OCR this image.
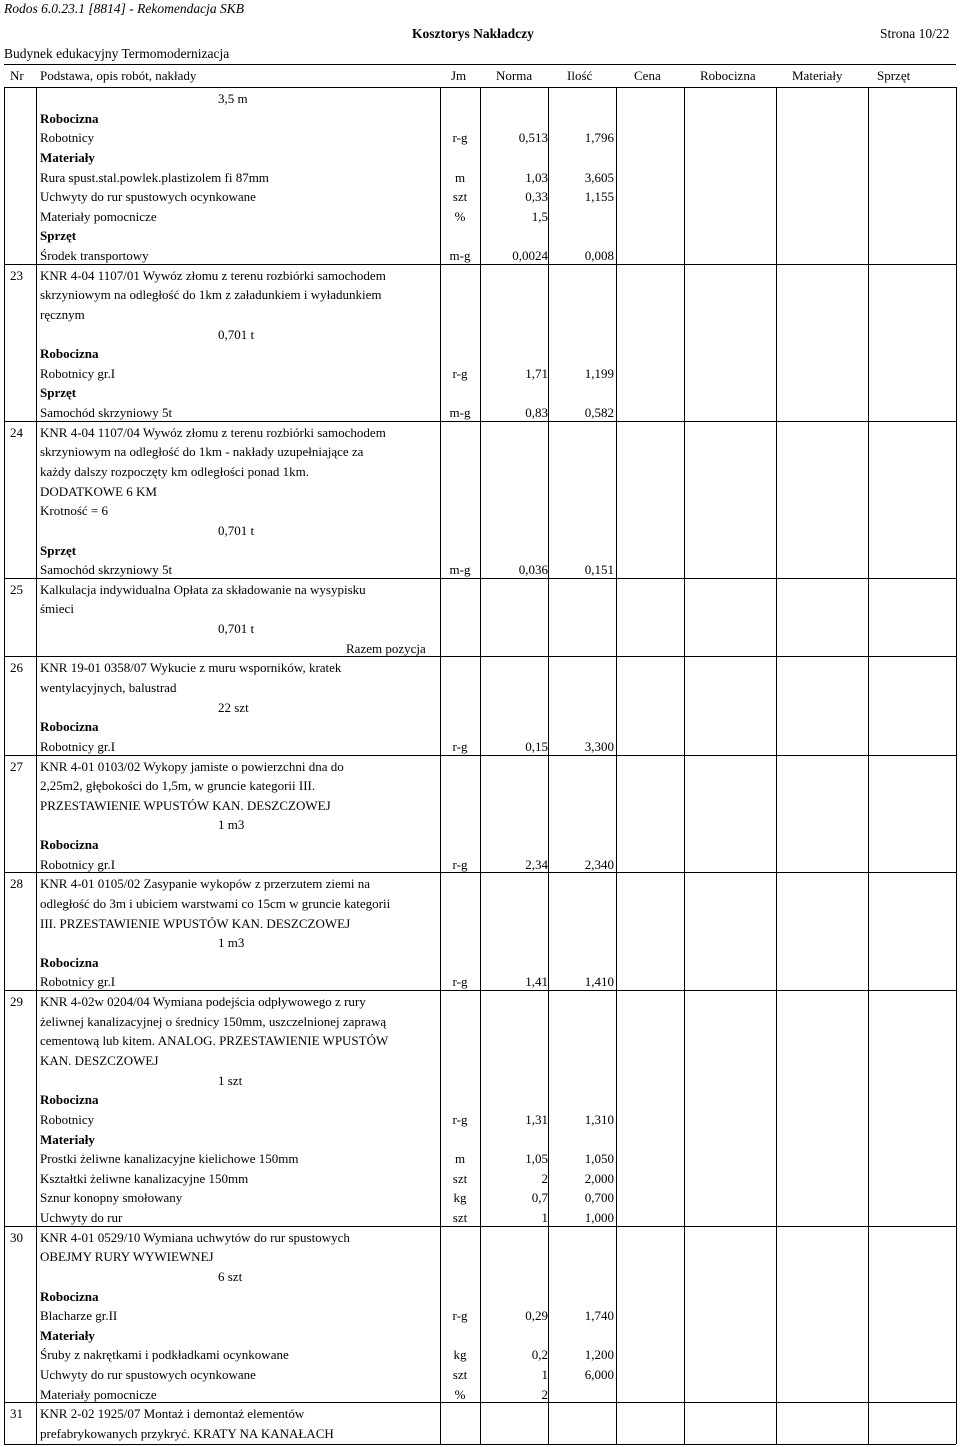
Rodos 6.0.23.1 [8814] - Rekomendacja SKB
Kosztorys Nakładczy	Strona 10/22
Budynek edukacyjny Termomodernizacja
Nr Podstawa, opis robót, nakłady	Jm Norma	Ilość	Cena	Robocizna	Materiały	Sprzęt
3,5 m
Robocizna
Robotnicy	r-g	0,513	1,796
Materiały
Rura spust.stal.powlek.plastizolem fi 87mm	m	1,03	3,605
Uchwyty do rur spustowych ocynkowane	szt	0,33	1,155
Materiały pomocnicze	%	1,5
Sprzęt
Środek transportowy	m-g	0,0024	0,008
23 KNR 4-04 1107/01 Wywóz złomu z terenu rozbiórki samochodem
skrzyniowym na odległość do 1km z załadunkiem i wyładunkiem
ręcznym
0,701 t
Robocizna
Robotnicy gr.I	r-g	1,71	1,199
Sprzęt
Samochód skrzyniowy 5t	m-g	0,83	0,582
24 KNR 4-04 1107/04 Wywóz złomu z terenu rozbiórki samochodem
skrzyniowym na odległość do 1km - nakłady uzupełniające za
każdy dalszy rozpoczęty km odległości ponad 1km.
DODATKOWE 6 KM
Krotność = 6
0,701 t
Sprzęt
Samochód skrzyniowy 5t	m-g	0,036	0,151
25 Kalkulacja indywidualna Opłata za składowanie na wysypisku
śmieci
0,701 t
Razem pozycja
26 KNR 19-01 0358/07 Wykucie z muru wsporników, kratek
wentylacyjnych, balustrad
22 szt
Robocizna
Robotnicy gr.I	r-g	0,15	3,300
27 KNR 4-01 0103/02 Wykopy jamiste o powierzchni dna do
2,25m2, głębokości do 1,5m, w gruncie kategorii III.
PRZESTAWIENIE WPUSTÓW KAN. DESZCZOWEJ
1 m3
Robocizna
Robotnicy gr.I	r-g	2,34	2,340
28 KNR 4-01 0105/02 Zasypanie wykopów z przerzutem ziemi na
odległość do 3m i ubiciem warstwami co 15cm w gruncie kategorii
III. PRZESTAWIENIE WPUSTÓW KAN. DESZCZOWEJ
1 m3
Robocizna
Robotnicy gr.I	r-g	1,41	1,410
29 KNR 4-02w 0204/04 Wymiana podejścia odpływowego z rury
żeliwnej kanalizacyjnej o średnicy 150mm, uszczelnionej zaprawą
cementową lub kitem. ANALOG. PRZESTAWIENIE WPUSTÓW
KAN. DESZCZOWEJ
1 szt
Robocizna
Robotnicy	r-g	1,31	1,310
Materiały
Prostki żeliwne kanalizacyjne kielichowe 150mm	m	1,05	1,050
Kształtki żeliwne kanalizacyjne 150mm	szt	2	2,000
Sznur konopny smołowany	kg	0,7	0,700
Uchwyty do rur	szt	1	1,000
30 KNR 4-01 0529/10 Wymiana uchwytów do rur spustowych
OBEJMY RURY WYWIEWNEJ
6 szt
Robocizna
Blacharze gr.II	r-g	0,29	1,740
Materiały
Śruby z nakrętkami i podkładkami ocynkowane	kg	0,2	1,200
Uchwyty do rur spustowych ocynkowane	szt	1	6,000
Materiały pomocnicze	%	2
31 KNR 2-02 1925/07 Montaż i demontaż elementów
prefabrykowanych przykryć. KRATY NA KANAŁACH
